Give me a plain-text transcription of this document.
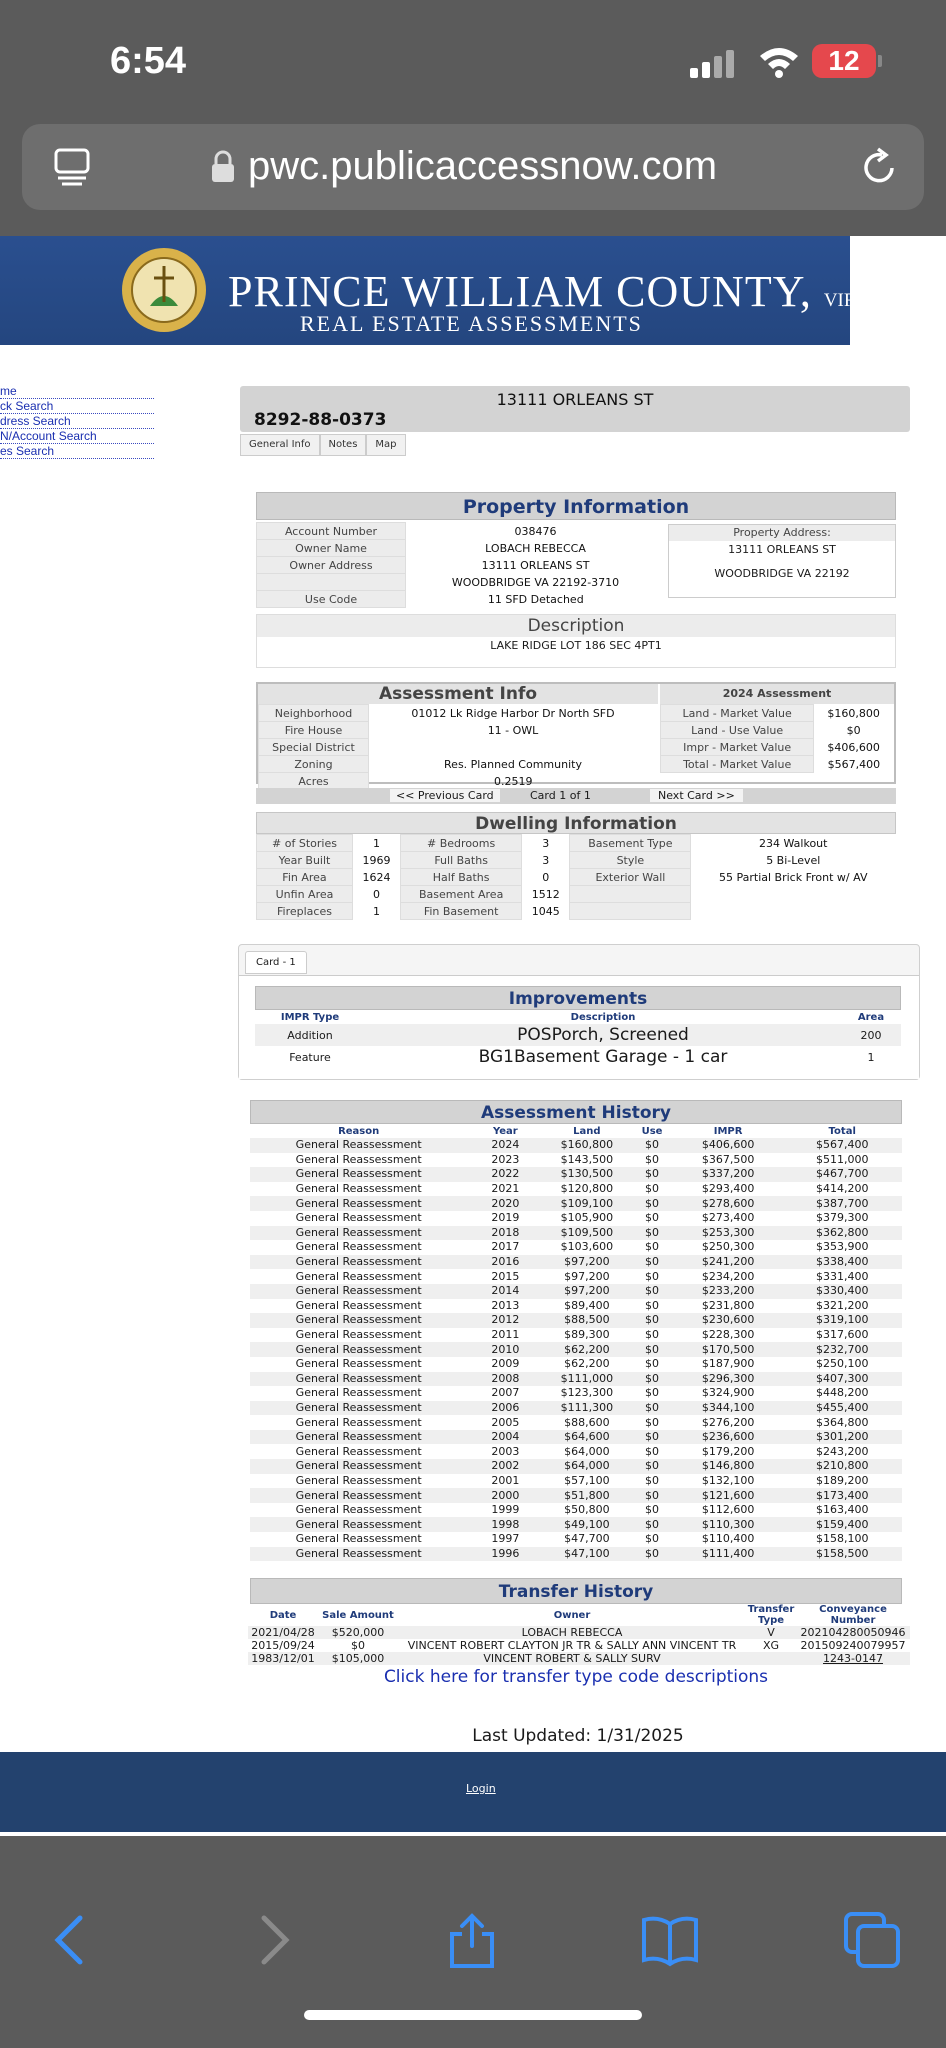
6:54	12
pwc.publicaccessnow.com
PRINCE WILLIAM COUNTY, VIRGINIA
REAL ESTATE ASSESSMENTS
me
ck Search
dress Search
N/Account Search
es Search
13111 ORLEANS ST
8292-88-0373
General Info	Notes	Map
Property Information
Account Number	038476
Owner Name	LOBACH REBECCA
Owner Address	13111 ORLEANS ST
	WOODBRIDGE VA 22192-3710
Use Code	11 SFD Detached
Property Address:
13111 ORLEANS ST
WOODBRIDGE VA 22192
Description
LAKE RIDGE LOT 186 SEC 4PT1
Assessment Info	2024 Assessment
Neighborhood	01012 Lk Ridge Harbor Dr North SFD
Fire House	11 - OWL
Special District	
Zoning	Res. Planned Community
Acres	0.2519
Land - Market Value	$160,800
Land - Use Value	$0
Impr - Market Value	$406,600
Total - Market Value	$567,400
<< Previous Card	Card 1 of 1	Next Card >>
Dwelling Information
# of Stories	1	# Bedrooms	3	Basement Type	234 Walkout
Year Built	1969	Full Baths	3	Style	5 Bi-Level
Fin Area	1624	Half Baths	0	Exterior Wall	55 Partial Brick Front w/ AV
Unfin Area	0	Basement Area	1512		
Fireplaces	1	Fin Basement	1045		
Card - 1
Improvements
IMPR Type	Description	Area
Addition	POSPorch, Screened	200
Feature	BG1Basement Garage - 1 car	1
Assessment History
Reason	Year	Land	Use	IMPR	Total
General Reassessment	2024	$160,800	$0	$406,600	$567,400
General Reassessment	2023	$143,500	$0	$367,500	$511,000
General Reassessment	2022	$130,500	$0	$337,200	$467,700
General Reassessment	2021	$120,800	$0	$293,400	$414,200
General Reassessment	2020	$109,100	$0	$278,600	$387,700
General Reassessment	2019	$105,900	$0	$273,400	$379,300
General Reassessment	2018	$109,500	$0	$253,300	$362,800
General Reassessment	2017	$103,600	$0	$250,300	$353,900
General Reassessment	2016	$97,200	$0	$241,200	$338,400
General Reassessment	2015	$97,200	$0	$234,200	$331,400
General Reassessment	2014	$97,200	$0	$233,200	$330,400
General Reassessment	2013	$89,400	$0	$231,800	$321,200
General Reassessment	2012	$88,500	$0	$230,600	$319,100
General Reassessment	2011	$89,300	$0	$228,300	$317,600
General Reassessment	2010	$62,200	$0	$170,500	$232,700
General Reassessment	2009	$62,200	$0	$187,900	$250,100
General Reassessment	2008	$111,000	$0	$296,300	$407,300
General Reassessment	2007	$123,300	$0	$324,900	$448,200
General Reassessment	2006	$111,300	$0	$344,100	$455,400
General Reassessment	2005	$88,600	$0	$276,200	$364,800
General Reassessment	2004	$64,600	$0	$236,600	$301,200
General Reassessment	2003	$64,000	$0	$179,200	$243,200
General Reassessment	2002	$64,000	$0	$146,800	$210,800
General Reassessment	2001	$57,100	$0	$132,100	$189,200
General Reassessment	2000	$51,800	$0	$121,600	$173,400
General Reassessment	1999	$50,800	$0	$112,600	$163,400
General Reassessment	1998	$49,100	$0	$110,300	$159,400
General Reassessment	1997	$47,700	$0	$110,400	$158,100
General Reassessment	1996	$47,100	$0	$111,400	$158,500
Transfer History
Date	Sale Amount	Owner	Transfer Type	Conveyance Number
2021/04/28	$520,000	LOBACH REBECCA	V	202104280050946
2015/09/24	$0	VINCENT ROBERT CLAYTON JR TR & SALLY ANN VINCENT TR	XG	201509240079957
1983/12/01	$105,000	VINCENT ROBERT & SALLY SURV		1243-0147
Click here for transfer type code descriptions
Last Updated: 1/31/2025
Login
